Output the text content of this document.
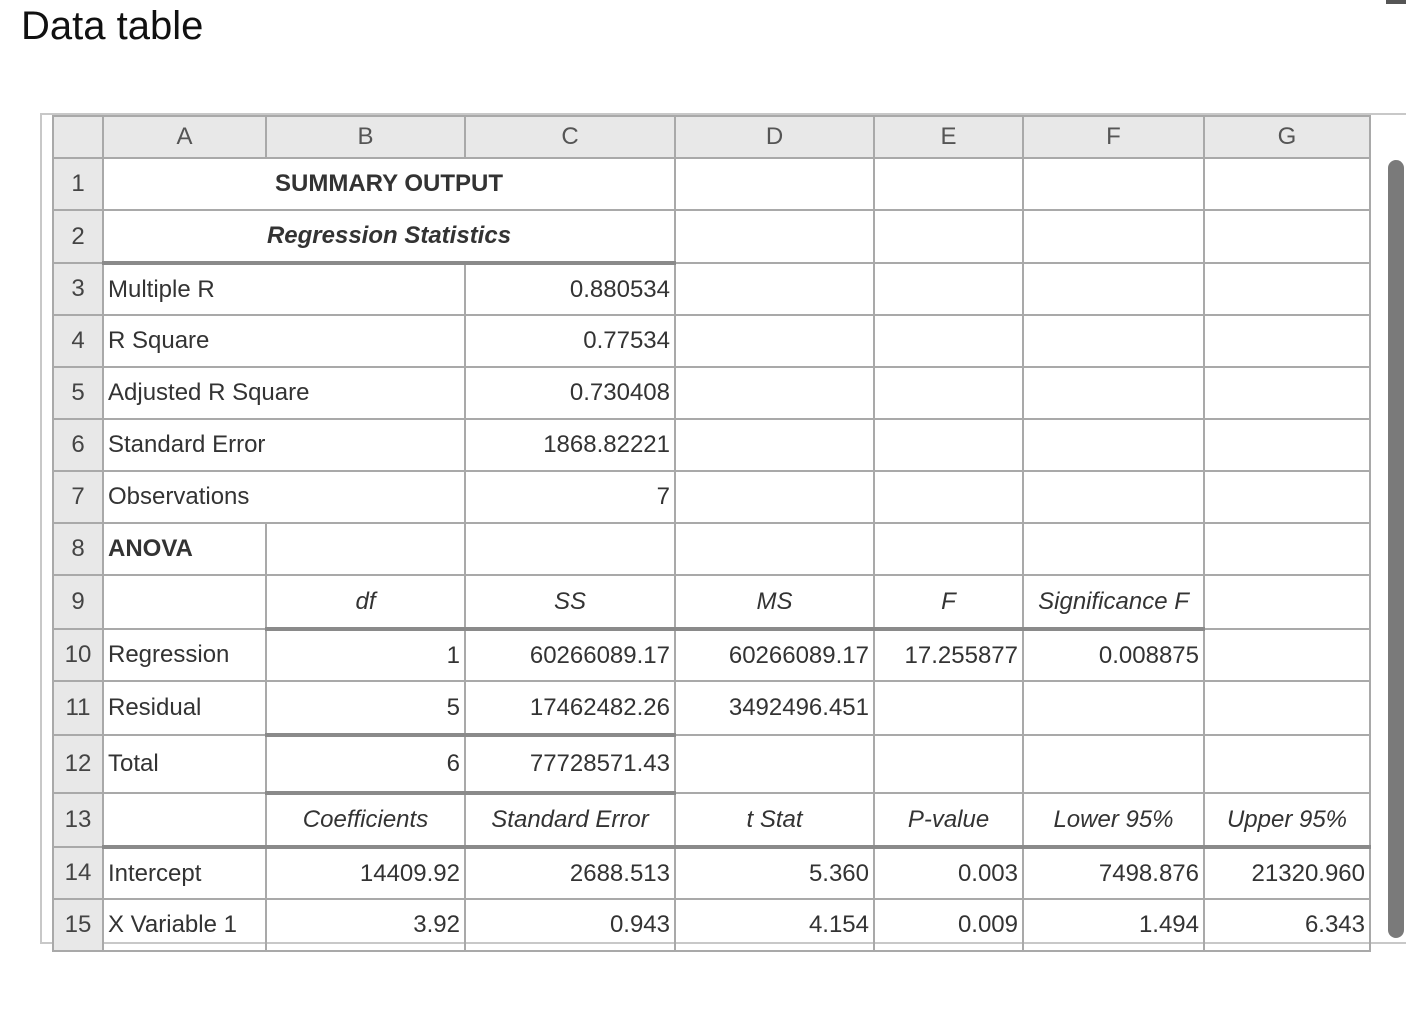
Data table
	A	B	C	D	E	F	G
1	SUMMARY OUTPUT						
2	Regression Statistics						
3	Multiple R		0.880534				
4	R Square		0.77534				
5	Adjusted R Square		0.730408				
6	Standard Error		1868.82221				
7	Observations		7				
8	ANOVA						
9		df	SS	MS	F	Significance F	
10	Regression	1	60266089.17	60266089.17	17.255877	0.008875	
11	Residual	5	17462482.26	3492496.451			
12	Total	6	77728571.43				
13		Coefficients	Standard Error	t Stat	P-value	Lower 95%	Upper 95%
14	Intercept	14409.92	2688.513	5.360	0.003	7498.876	21320.960
15	X Variable 1	3.92	0.943	4.154	0.009	1.494	6.343
